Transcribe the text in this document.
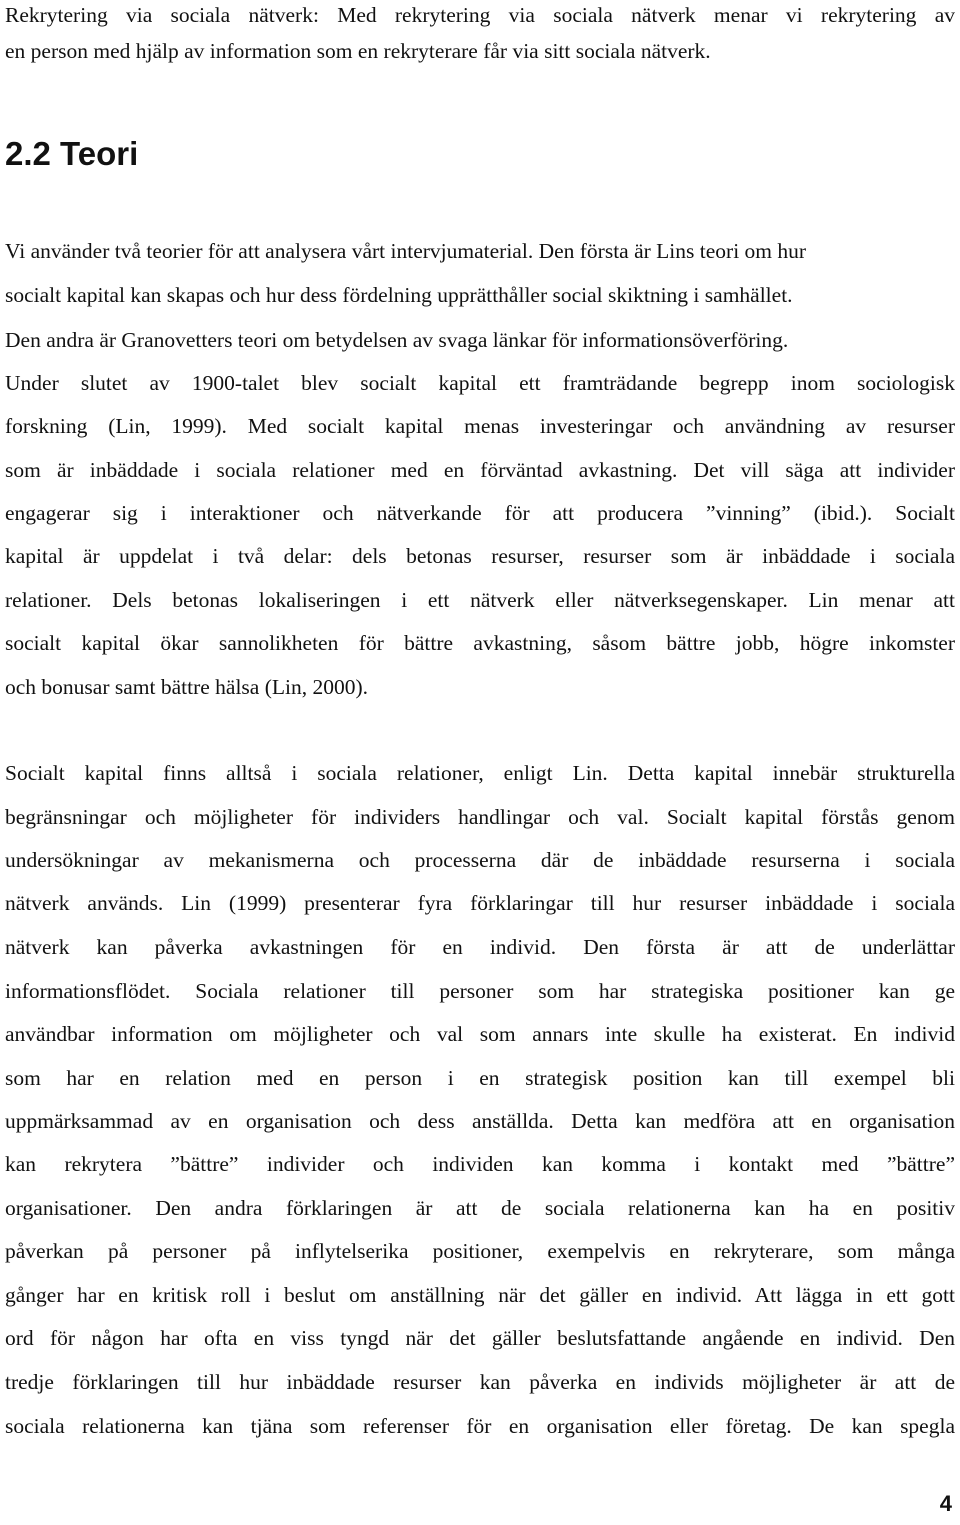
Rekrytering via sociala nätverk: Med rekrytering via sociala nätverk menar vi rekrytering av
en person med hjälp av information som en rekryterare får via sitt sociala nätverk.
2.2 Teori
Vi använder två teorier för att analysera vårt intervjumaterial. Den första är Lins teori om hur
socialt kapital kan skapas och hur dess fördelning upprätthåller social skiktning i samhället.
Den andra är Granovetters teori om betydelsen av svaga länkar för informationsöverföring.
Under slutet av 1900-talet blev socialt kapital ett framträdande begrepp inom sociologisk
forskning (Lin, 1999). Med socialt kapital menas investeringar och användning av resurser
som är inbäddade i sociala relationer med en förväntad avkastning. Det vill säga att individer
engagerar sig i interaktioner och nätverkande för att producera ”vinning” (ibid.). Socialt
kapital är uppdelat i två delar: dels betonas resurser, resurser som är inbäddade i sociala
relationer. Dels betonas lokaliseringen i ett nätverk eller nätverksegenskaper. Lin menar att
socialt kapital ökar sannolikheten för bättre avkastning, såsom bättre jobb, högre inkomster
och bonusar samt bättre hälsa (Lin, 2000).
Socialt kapital finns alltså i sociala relationer, enligt Lin. Detta kapital innebär strukturella
begränsningar och möjligheter för individers handlingar och val. Socialt kapital förstås genom
undersökningar av mekanismerna och processerna där de inbäddade resurserna i sociala
nätverk används. Lin (1999) presenterar fyra förklaringar till hur resurser inbäddade i sociala
nätverk kan påverka avkastningen för en individ. Den första är att de underlättar
informationsflödet. Sociala relationer till personer som har strategiska positioner kan ge
användbar information om möjligheter och val som annars inte skulle ha existerat. En individ
som har en relation med en person i en strategisk position kan till exempel bli
uppmärksammad av en organisation och dess anställda. Detta kan medföra att en organisation
kan rekrytera ”bättre” individer och individen kan komma i kontakt med ”bättre”
organisationer. Den andra förklaringen är att de sociala relationerna kan ha en positiv
påverkan på personer på inflytelserika positioner, exempelvis en rekryterare, som många
gånger har en kritisk roll i beslut om anställning när det gäller en individ. Att lägga in ett gott
ord för någon har ofta en viss tyngd när det gäller beslutsfattande angående en individ. Den
tredje förklaringen till hur inbäddade resurser kan påverka en individs möjligheter är att de
sociala relationerna kan tjäna som referenser för en organisation eller företag. De kan spegla
4
